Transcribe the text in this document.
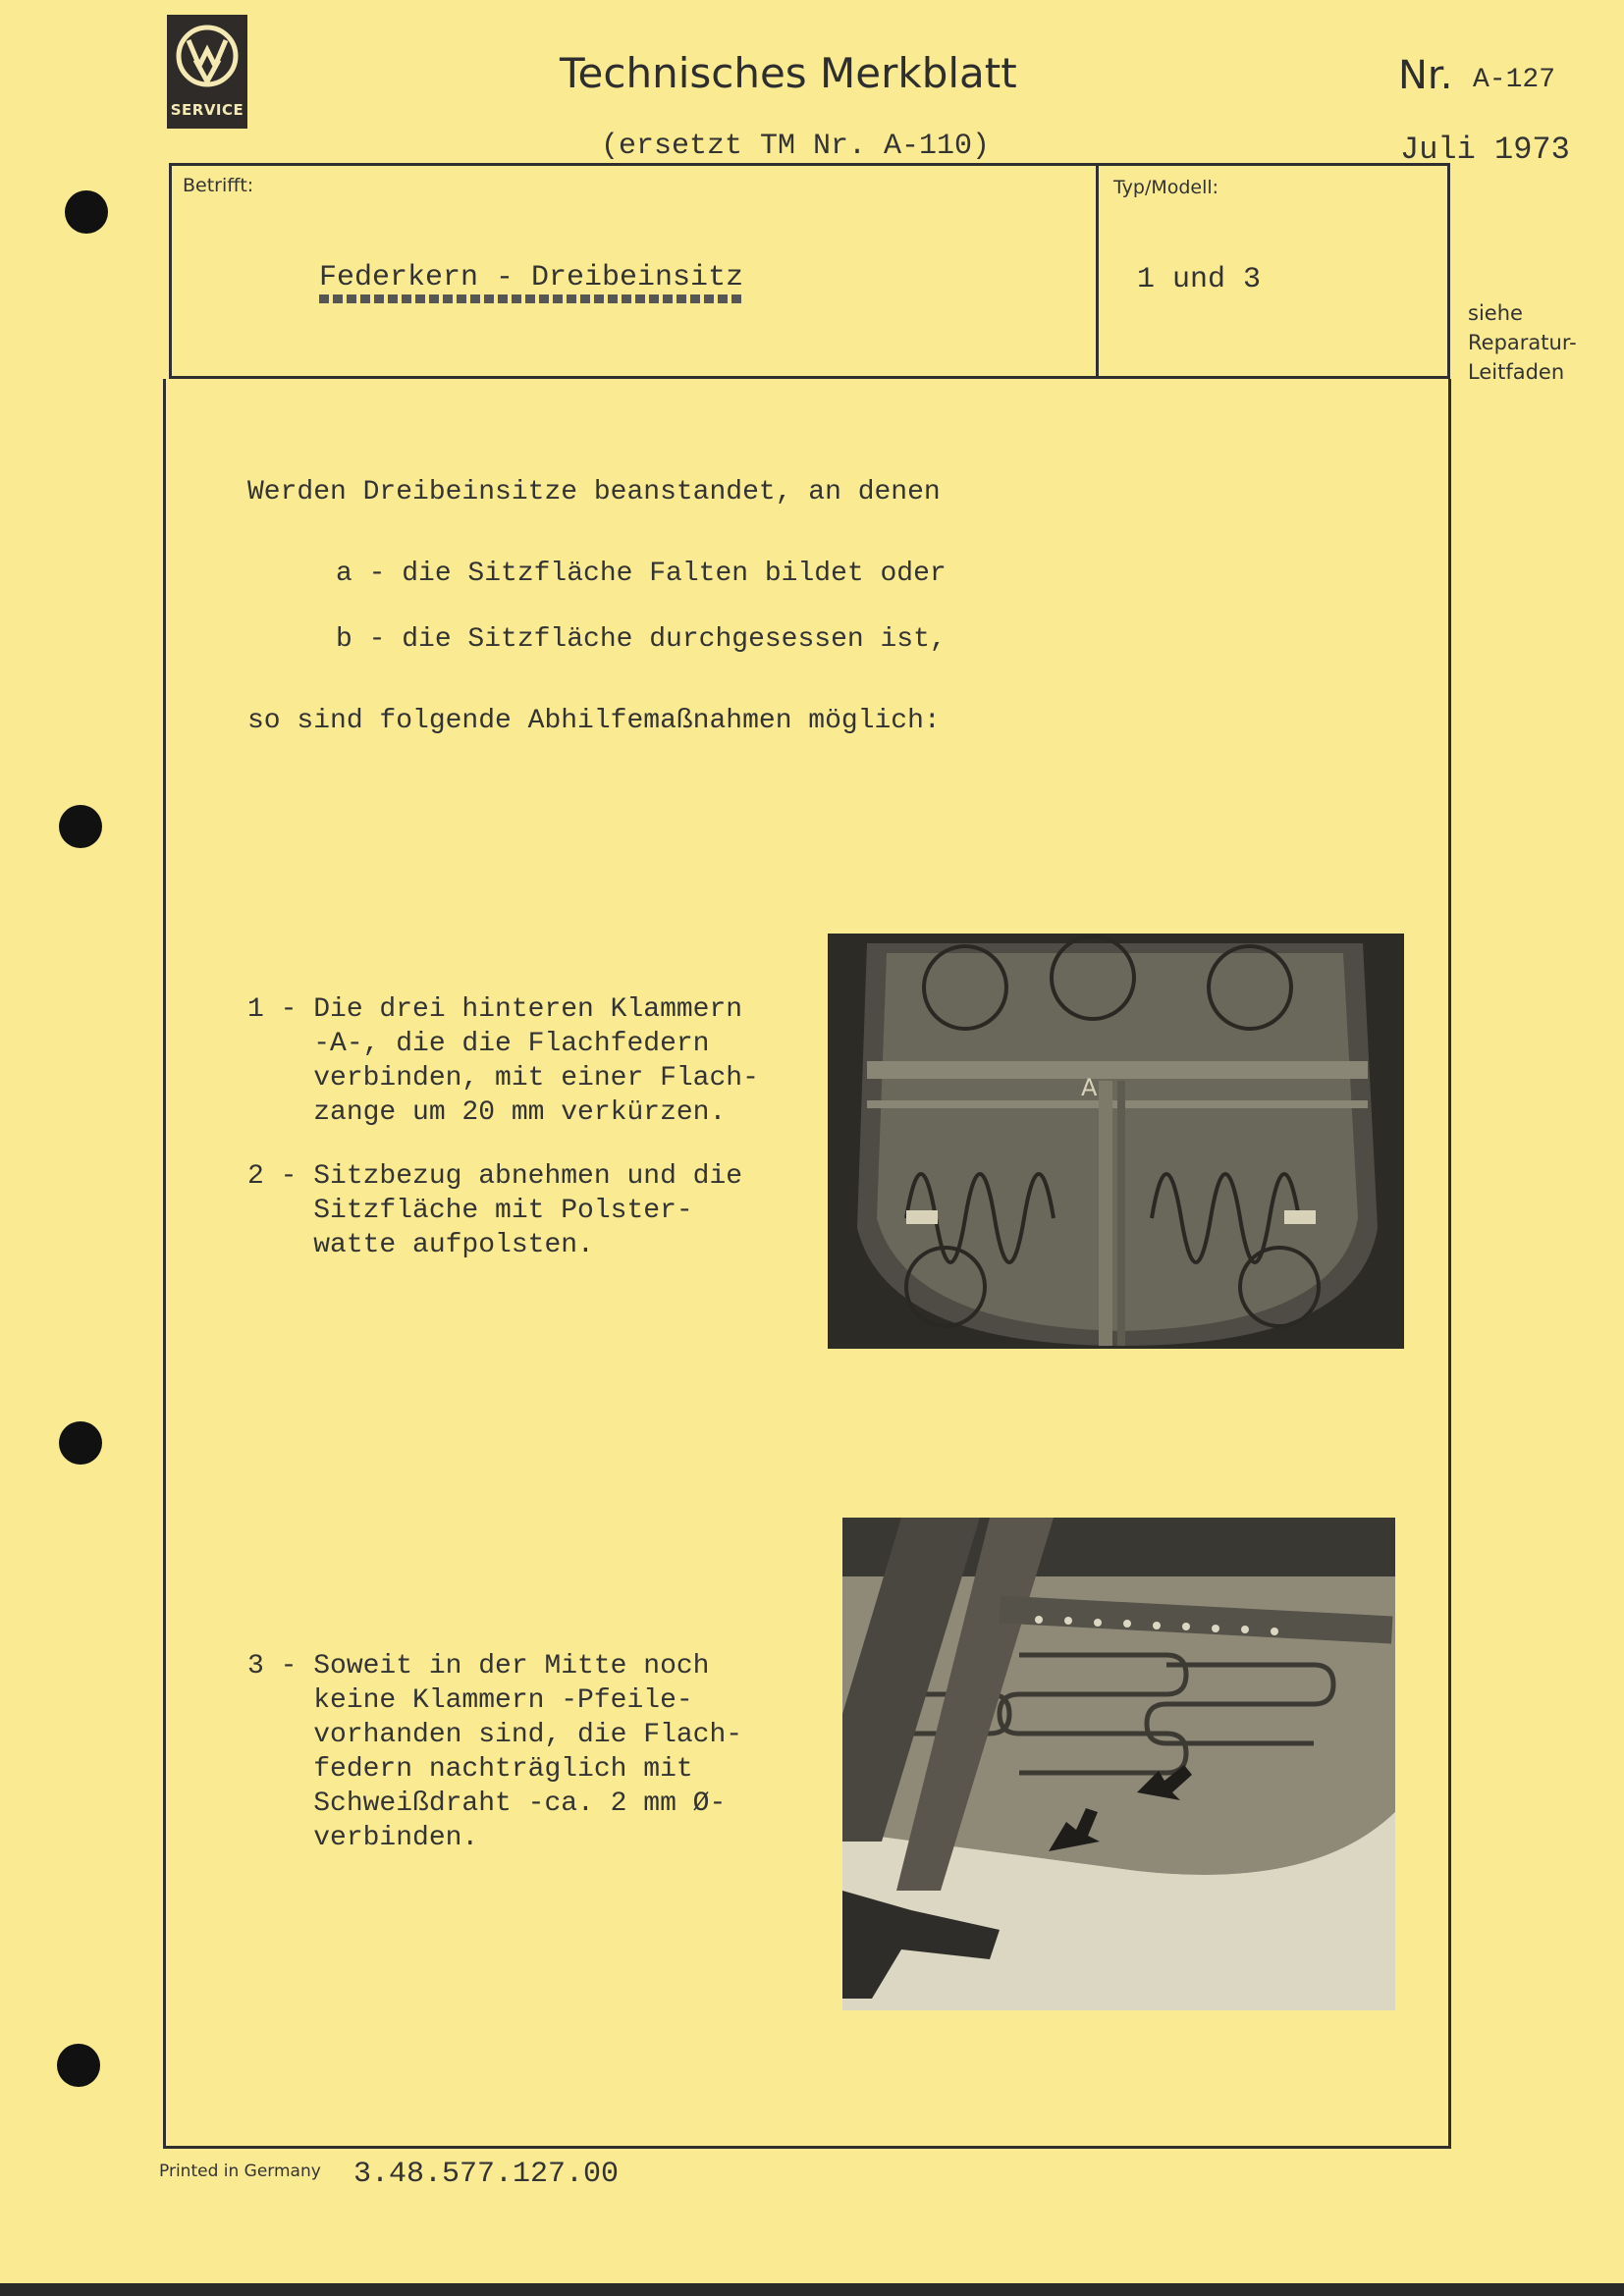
SERVICE
Technisches Merkblatt	Nr. A-127
(ersetzt TM Nr. A-110)	Juli 1973
Betrifft:	Typ/Modell:
Federkern - Dreibeinsitz	1 und 3
siehe
Reparatur-
Leitfaden
Werden Dreibeinsitze beanstandet, an denen
a - die Sitzfläche Falten bildet oder
b - die Sitzfläche durchgesessen ist,
so sind folgende Abhilfemaßnahmen möglich:
1 - Die drei hinteren Klammern
-A-, die die Flachfedern
verbinden, mit einer Flach-
zange um 20 mm verkürzen.
2 - Sitzbezug abnehmen und die
Sitzfläche mit Polster-
watte aufpolsten.
3 - Soweit in der Mitte noch
keine Klammern -Pfeile-
vorhanden sind, die Flach-
federn nachträglich mit
Schweißdraht -ca. 2 mm Ø-
verbinden.
A
Printed in Germany 3.48.577.127.00
